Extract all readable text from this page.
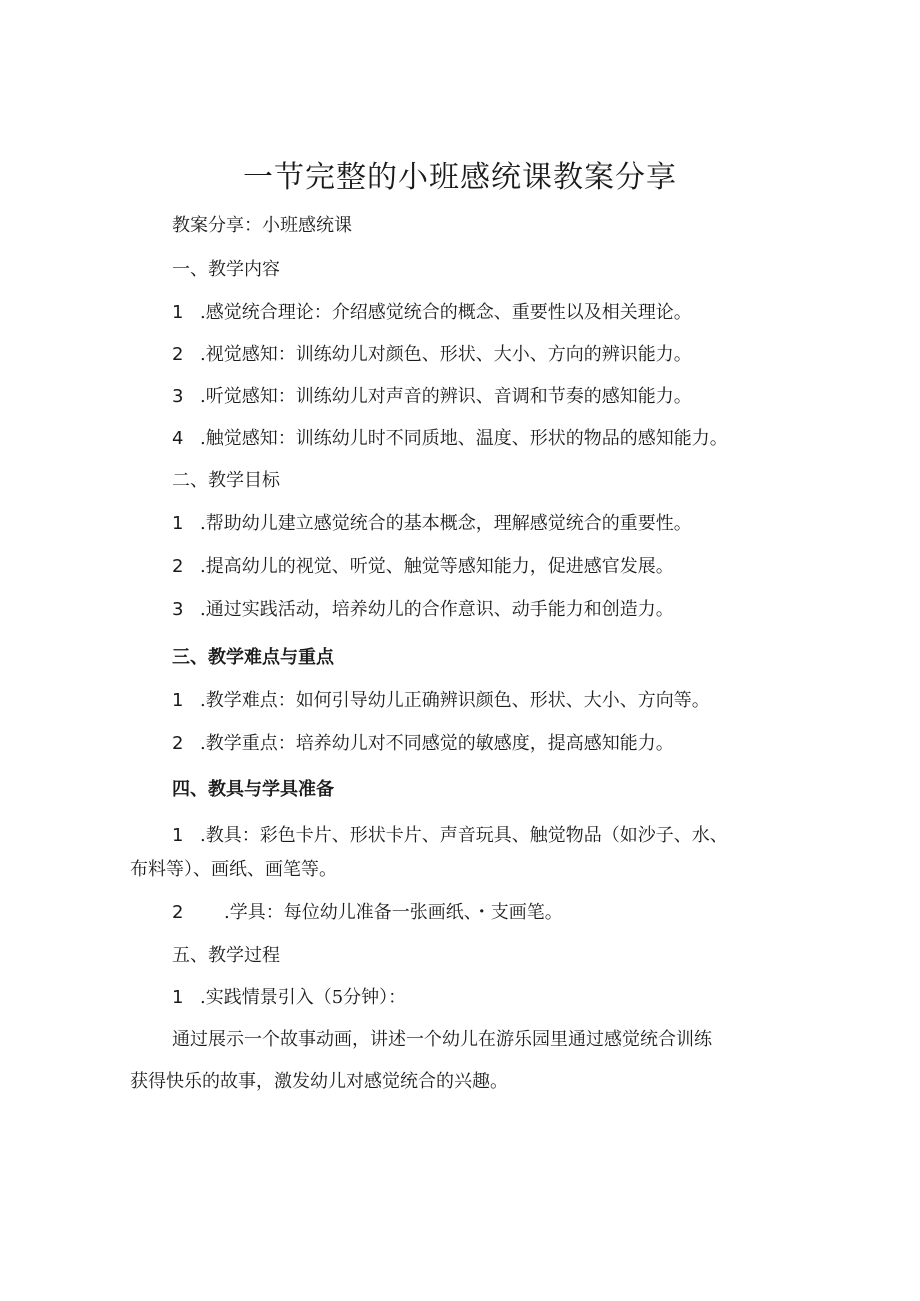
一节完整的小班感统课教案分享

教案分享：小班感统课

一、教学内容

1 .感觉统合理论：介绍感觉统合的概念、重要性以及相关理论。

2 .视觉感知：训练幼儿对颜色、形状、大小、方向的辨识能力。

3 .听觉感知：训练幼儿对声音的辨识、音调和节奏的感知能力。

4 .触觉感知：训练幼儿时不同质地、温度、形状的物品的感知能力。

二、教学目标

1 .帮助幼儿建立感觉统合的基本概念，理解感觉统合的重要性。

2 .提高幼儿的视觉、听觉、触觉等感知能力，促进感官发展。

3 .通过实践活动，培养幼儿的合作意识、动手能力和创造力。

三、教学难点与重点

1 .教学难点：如何引导幼儿正确辨识颜色、形状、大小、方向等。

2 .教学重点：培养幼儿对不同感觉的敏感度，提高感知能力。

四、教具与学具准备

1 .教具：彩色卡片、形状卡片、声音玩具、触觉物品（如沙子、水、

布料等）、画纸、画笔等。

2 .学具：每位幼儿准备一张画纸、・支画笔。

五、教学过程

1 .实践情景引入（5分钟）：

通过展示一个故事动画，讲述一个幼儿在游乐园里通过感觉统合训练

获得快乐的故事，激发幼儿对感觉统合的兴趣。
